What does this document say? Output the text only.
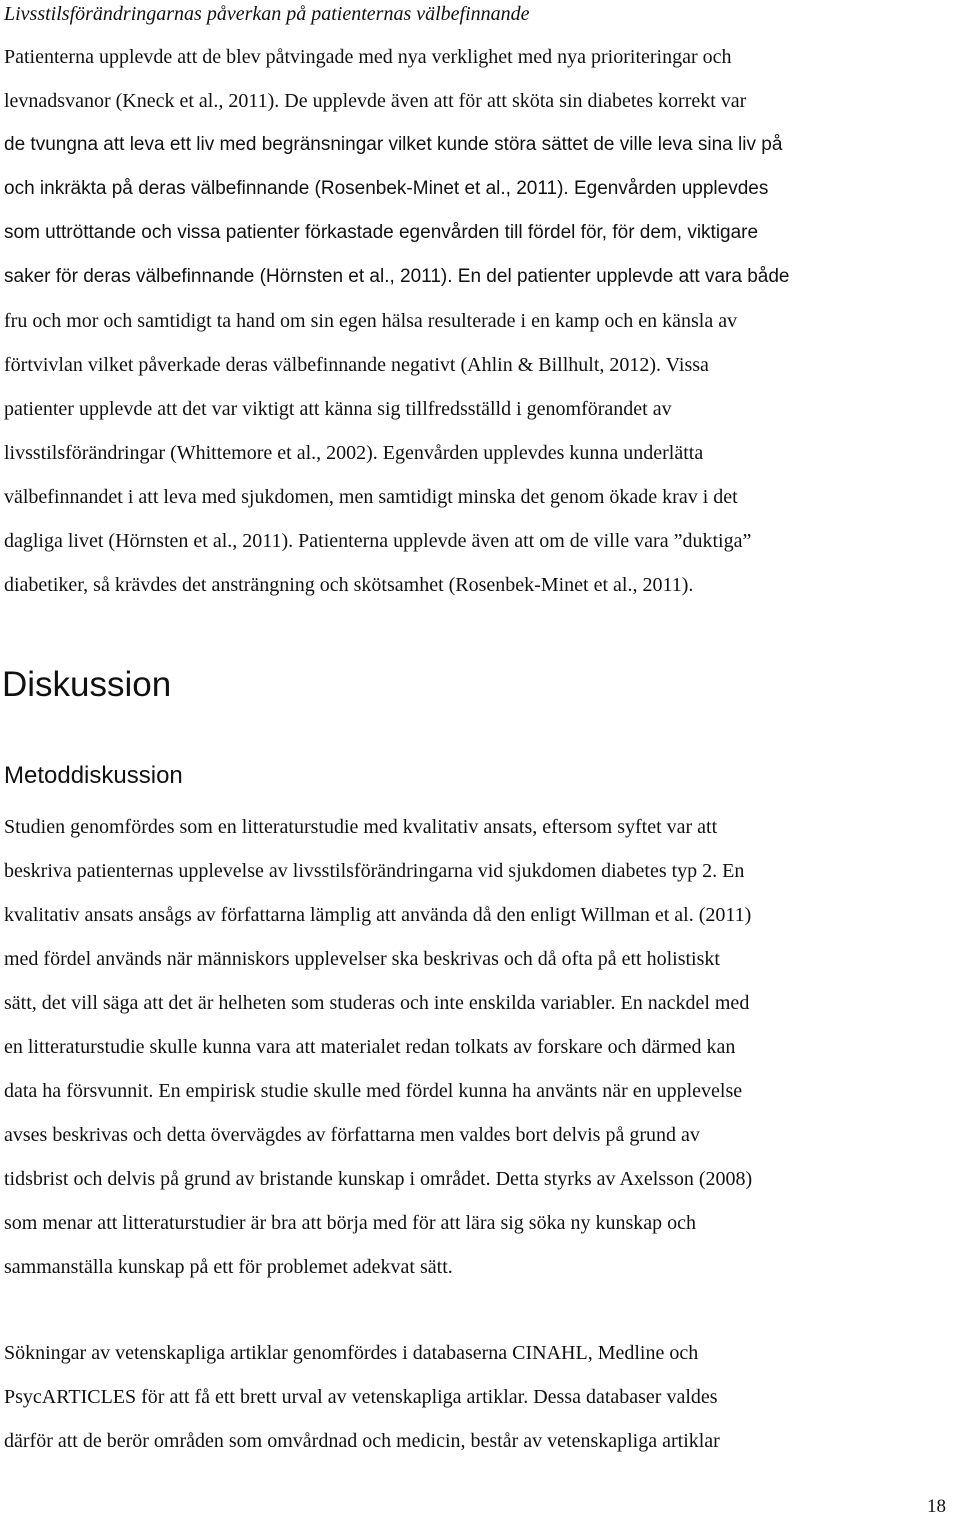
Livsstilsförändringarnas påverkan på patienternas välbefinnande

Patienterna upplevde att de blev påtvingade med nya verklighet med nya prioriteringar och

levnadsvanor (Kneck et al., 2011). De upplevde även att för att sköta sin diabetes korrekt var

de tvungna att leva ett liv med begränsningar vilket kunde störa sättet de ville leva sina liv på

och inkräkta på deras välbefinnande (Rosenbek-Minet et al., 2011). Egenvården upplevdes

som uttröttande och vissa patienter förkastade egenvården till fördel för, för dem, viktigare

saker för deras välbefinnande (Hörnsten et al., 2011). En del patienter upplevde att vara både

fru och mor och samtidigt ta hand om sin egen hälsa resulterade i en kamp och en känsla av

förtvivlan vilket påverkade deras välbefinnande negativt (Ahlin & Billhult, 2012). Vissa

patienter upplevde att det var viktigt att känna sig tillfredsställd i genomförandet av

livsstilsförändringar (Whittemore et al., 2002). Egenvården upplevdes kunna underlätta

välbefinnandet i att leva med sjukdomen, men samtidigt minska det genom ökade krav i det

dagliga livet (Hörnsten et al., 2011). Patienterna upplevde även att om de ville vara ”duktiga”

diabetiker, så krävdes det ansträngning och skötsamhet (Rosenbek-Minet et al., 2011).

Diskussion
Metoddiskussion

Studien genomfördes som en litteraturstudie med kvalitativ ansats, eftersom syftet var att

beskriva patienternas upplevelse av livsstilsförändringarna vid sjukdomen diabetes typ 2. En

kvalitativ ansats ansågs av författarna lämplig att använda då den enligt Willman et al. (2011)

med fördel används när människors upplevelser ska beskrivas och då ofta på ett holistiskt

sätt, det vill säga att det är helheten som studeras och inte enskilda variabler. En nackdel med

en litteraturstudie skulle kunna vara att materialet redan tolkats av forskare och därmed kan

data ha försvunnit. En empirisk studie skulle med fördel kunna ha använts när en upplevelse

avses beskrivas och detta övervägdes av författarna men valdes bort delvis på grund av

tidsbrist och delvis på grund av bristande kunskap i området. Detta styrks av Axelsson (2008)

som menar att litteraturstudier är bra att börja med för att lära sig söka ny kunskap och

sammanställa kunskap på ett för problemet adekvat sätt.

Sökningar av vetenskapliga artiklar genomfördes i databaserna CINAHL, Medline och

PsycARTICLES för att få ett brett urval av vetenskapliga artiklar. Dessa databaser valdes

därför att de berör områden som omvårdnad och medicin, består av vetenskapliga artiklar

18
